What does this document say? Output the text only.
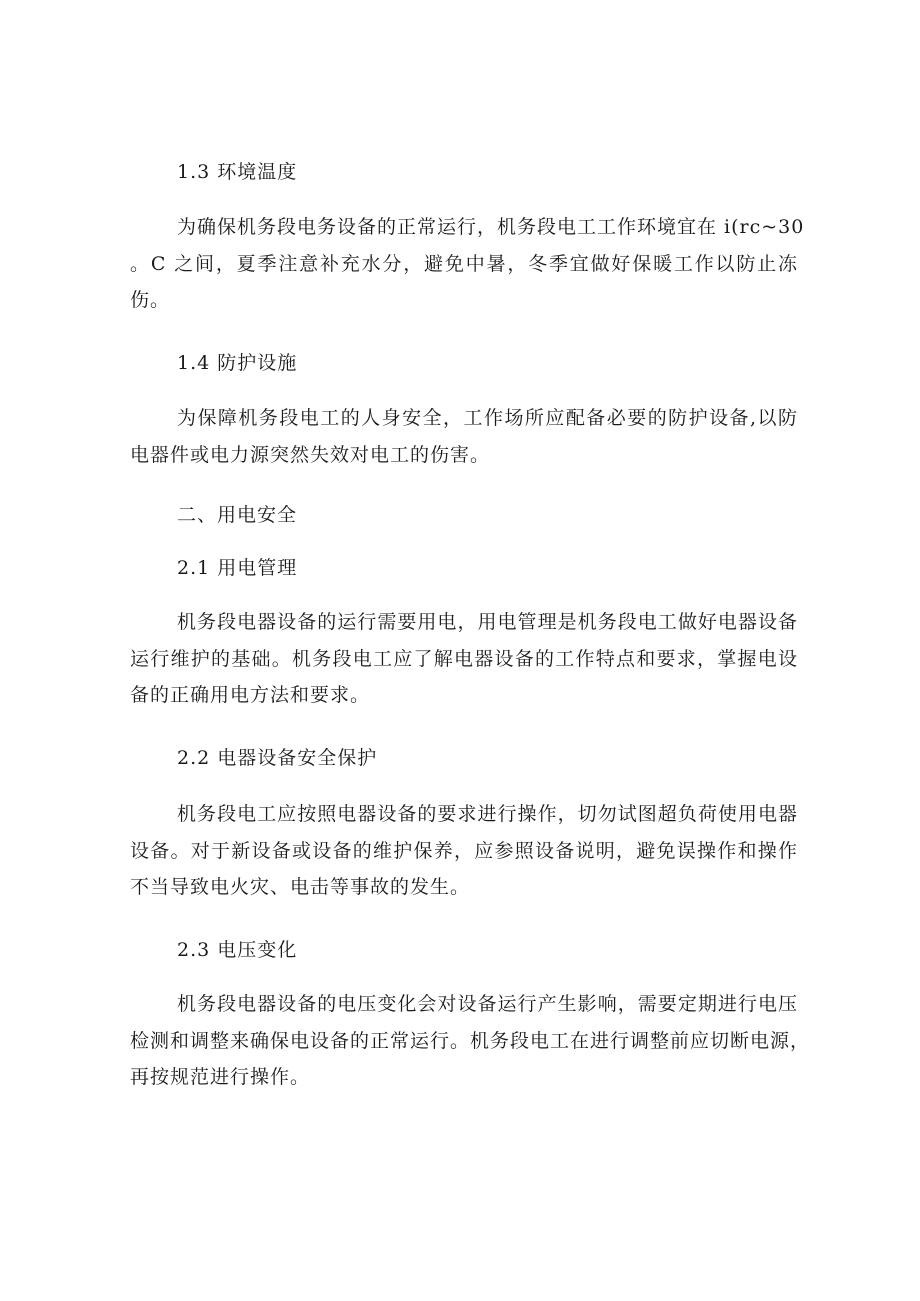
1.3 环境温度
为确保机务段电务设备的正常运行，机务段电工工作环境宜在 i(rc~30
。C 之间，夏季注意补充水分，避免中暑，冬季宜做好保暖工作以防止冻
伤。
1.4 防护设施
为保障机务段电工的人身安全，工作场所应配备必要的防护设备,以防
电器件或电力源突然失效对电工的伤害。
二、用电安全
2.1 用电管理
机务段电器设备的运行需要用电，用电管理是机务段电工做好电器设备
运行维护的基础。机务段电工应了解电器设备的工作特点和要求，掌握电设
备的正确用电方法和要求。
2.2 电器设备安全保护
机务段电工应按照电器设备的要求进行操作，切勿试图超负荷使用电器
设备。对于新设备或设备的维护保养，应参照设备说明，避免误操作和操作
不当导致电火灾、电击等事故的发生。
2.3 电压变化
机务段电器设备的电压变化会对设备运行产生影响，需要定期进行电压
检测和调整来确保电设备的正常运行。机务段电工在进行调整前应切断电源，
再按规范进行操作。
